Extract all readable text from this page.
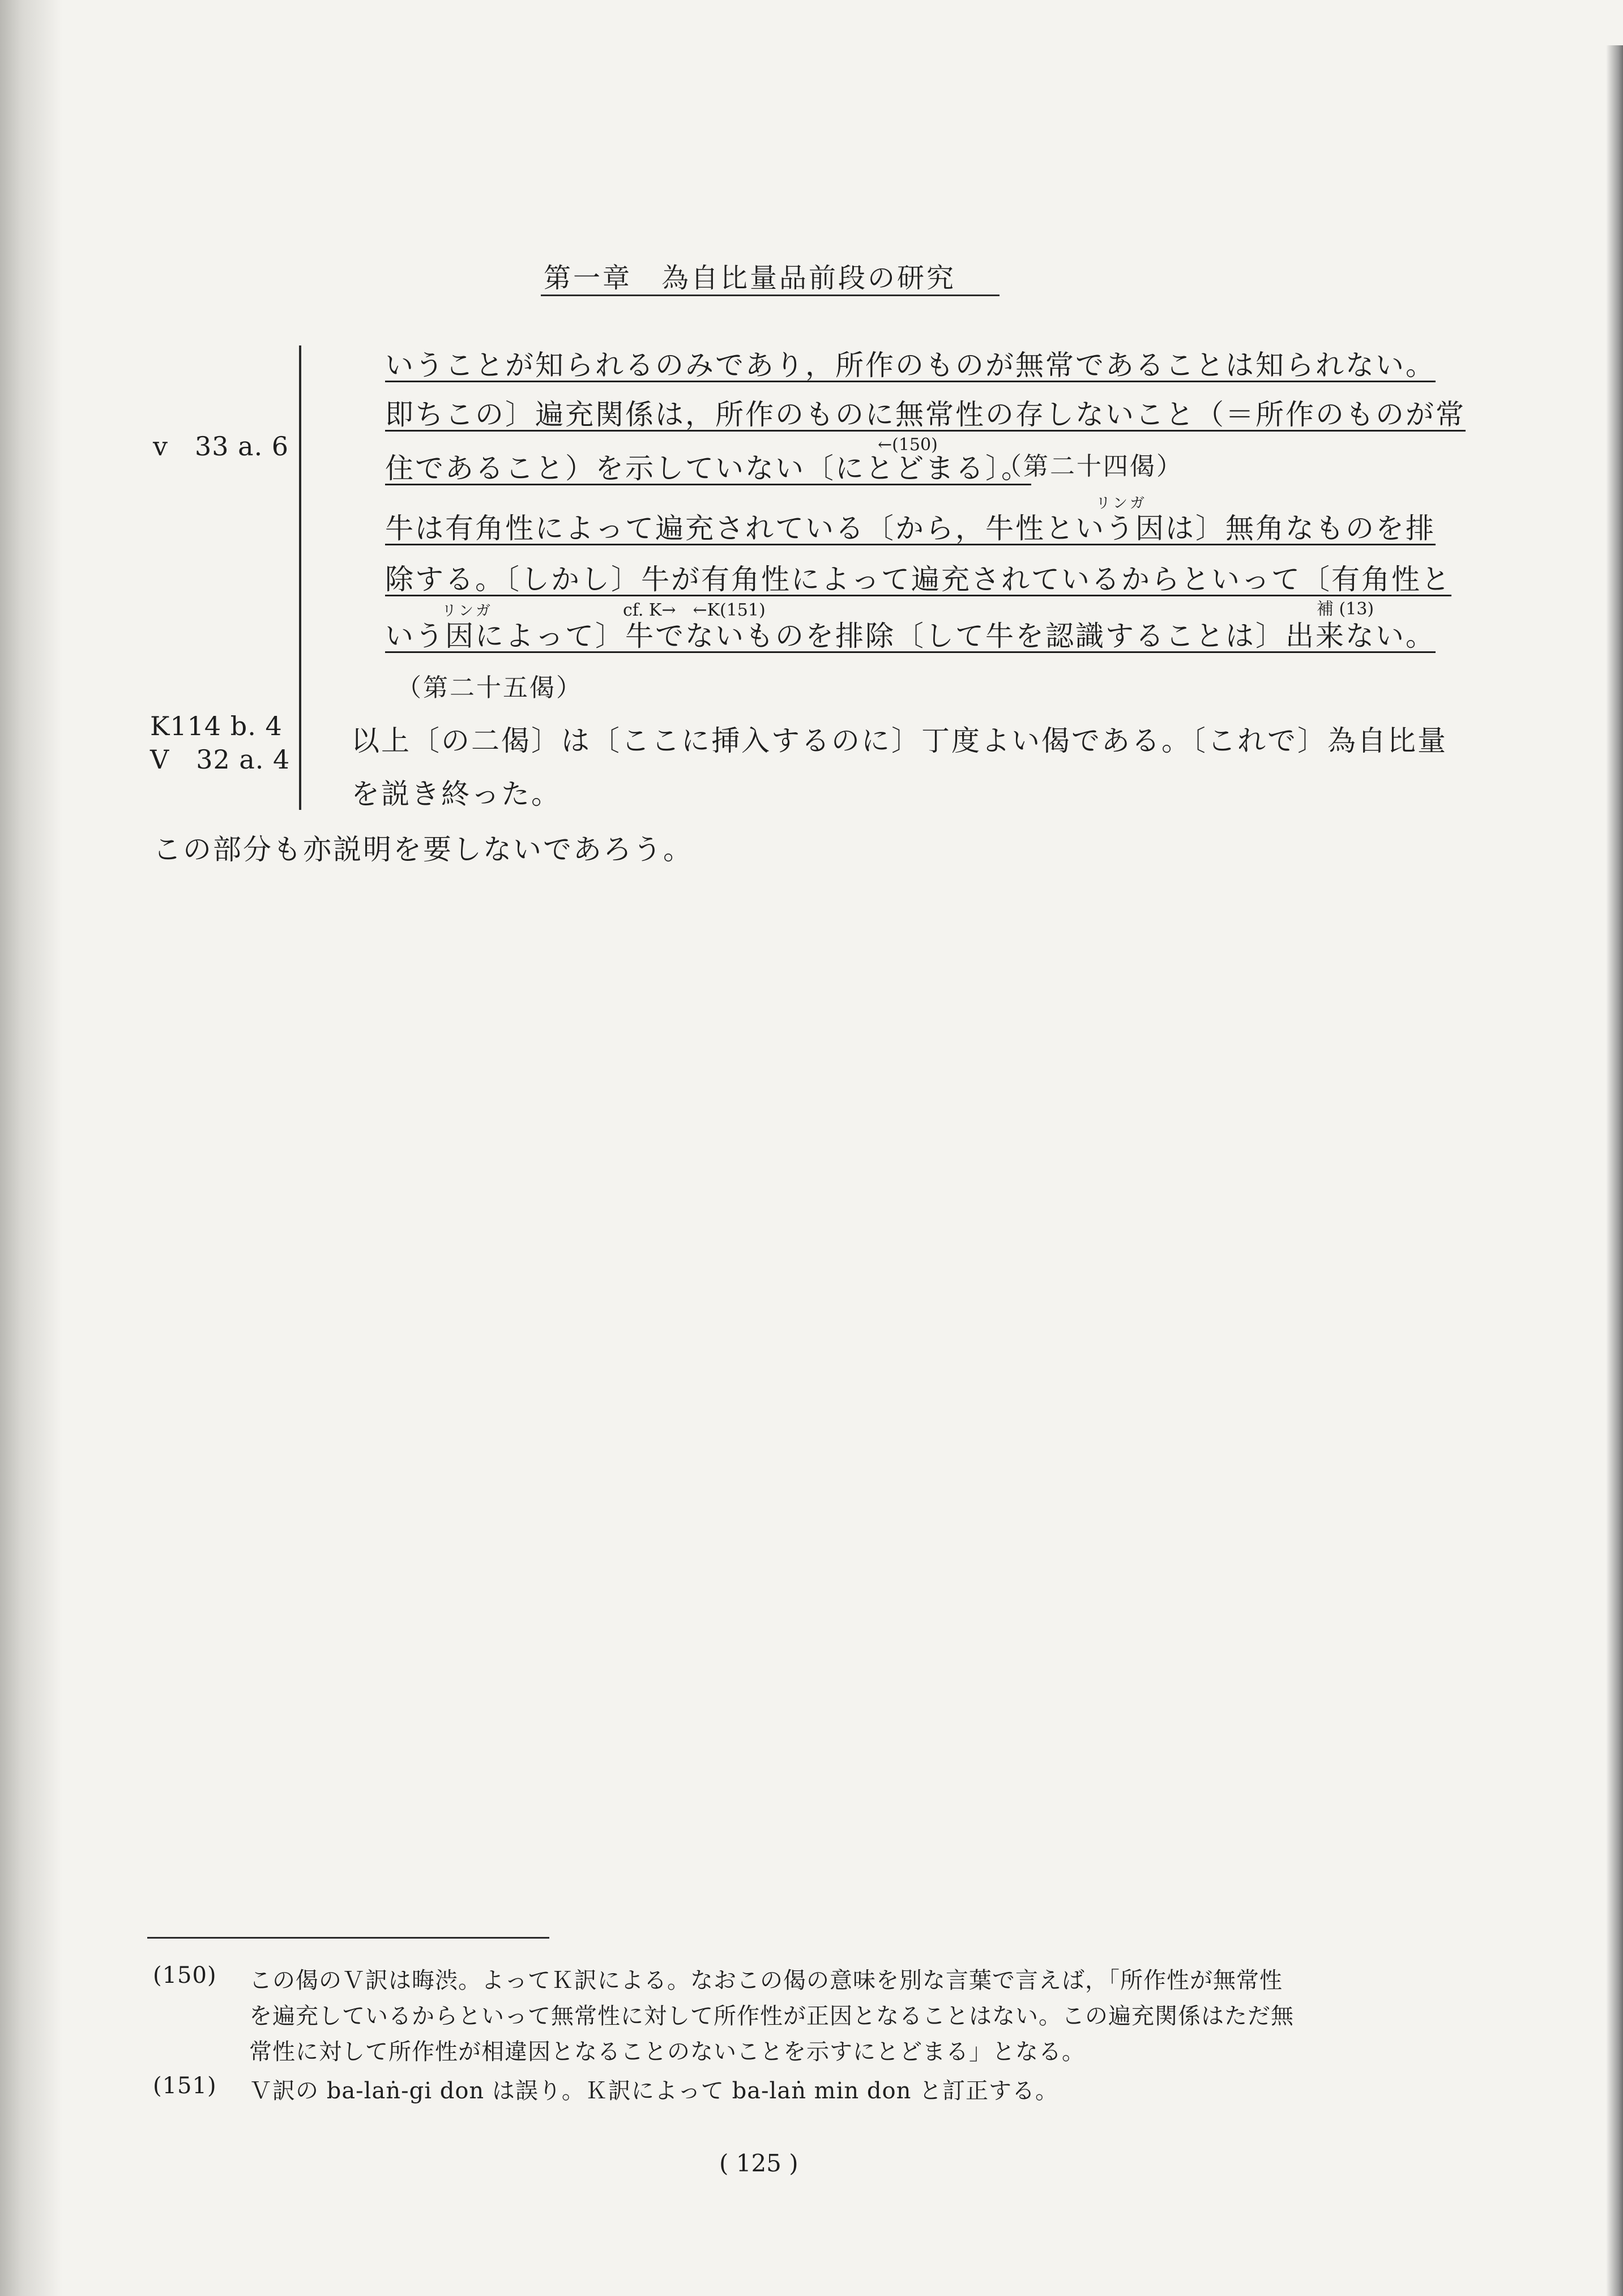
第一章　為自比量品前段の研究
v　33 a. 6
K114 b. 4
V　32 a. 4
いうことが知られるのみであり，所作のものが無常であることは知られない。
即ちこの〕遍充関係は，所作のものに無常性の存しないこと（＝所作のものが常
←(150)
住であること）を示していない〔にとどまる〕。
（第二十四偈）
リンガ
牛は有角性によって遍充されている〔から，牛性という因は〕無角なものを排
除する。〔しかし〕牛が有角性によって遍充されているからといって〔有角性と
リンガ	cf. K→　←K(151)	補 (13)
いう因によって〕牛でないものを排除〔して牛を認識することは〕出来ない。
（第二十五偈）
以上〔の二偈〕は〔ここに挿入するのに〕丁度よい偈である。〔これで〕為自比量
を説き終った。
この部分も亦説明を要しないであろう。
(150) この偈のＶ訳は晦渋。よってＫ訳による。なおこの偈の意味を別な言葉で言えば，「所作性が無常性
を遍充しているからといって無常性に対して所作性が正因となることはない。この遍充関係はただ無
常性に対して所作性が相違因となることのないことを示すにとどまる」となる。
(151) Ｖ訳の ba-laṅ-gi don は誤り。Ｋ訳によって ba-laṅ min don と訂正する。
( 125 )
